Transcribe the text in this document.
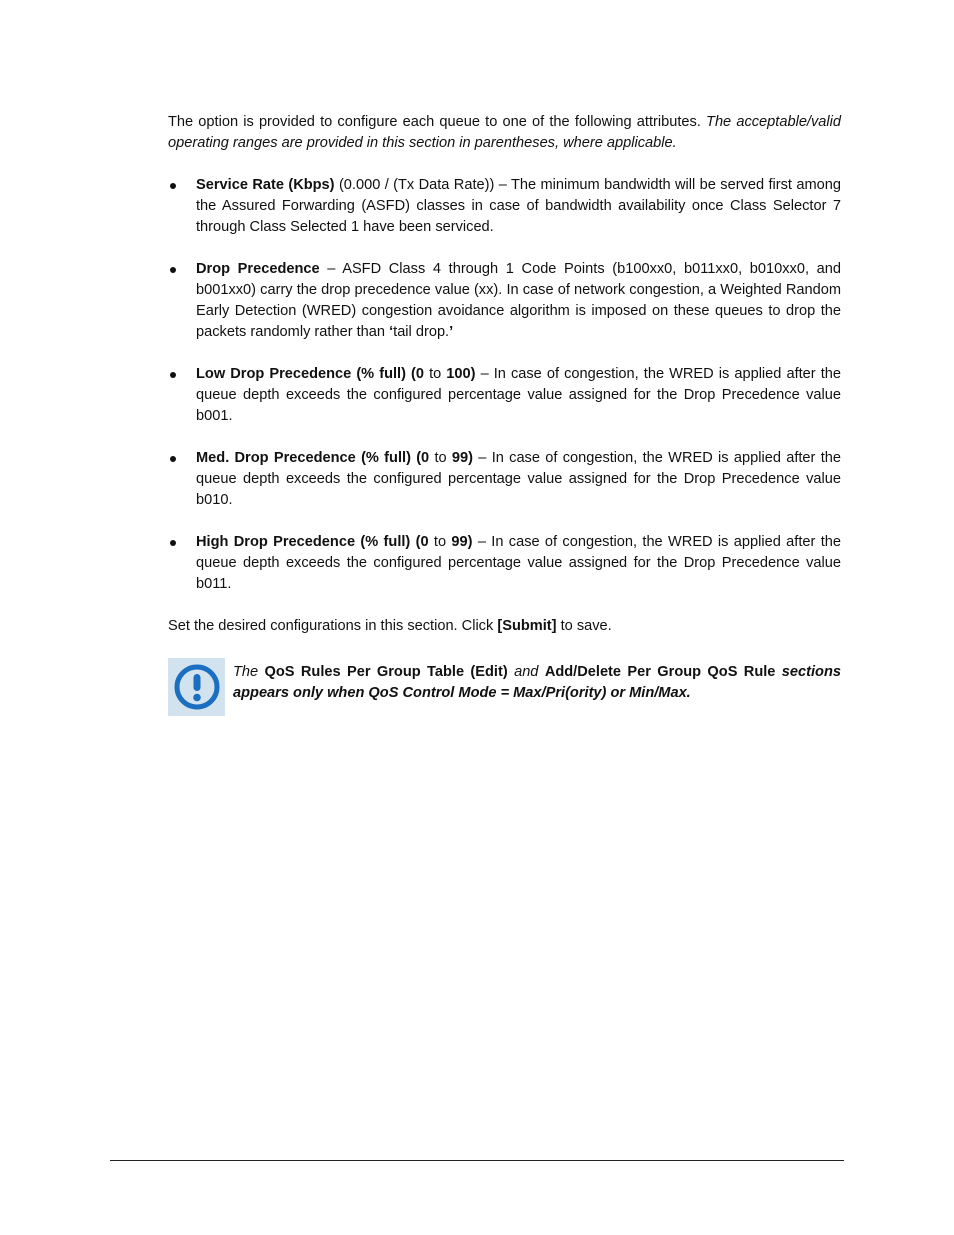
The option is provided to configure each queue to one of the following attributes. The acceptable/valid operating ranges are provided in this section in parentheses, where applicable.

Service Rate (Kbps) (0.000 / (Tx Data Rate)) – The minimum bandwidth will be served first among the Assured Forwarding (ASFD) classes in case of bandwidth availability once Class Selector 7 through Class Selected 1 have been serviced.
Drop Precedence – ASFD Class 4 through 1 Code Points (b100xx0, b011xx0, b010xx0, and b001xx0) carry the drop precedence value (xx). In case of network congestion, a Weighted Random Early Detection (WRED) congestion avoidance algorithm is imposed on these queues to drop the packets randomly rather than ‘tail drop.’
Low Drop Precedence (% full) (0 to 100) – In case of congestion, the WRED is applied after the queue depth exceeds the configured percentage value assigned for the Drop Precedence value b001.
Med. Drop Precedence (% full) (0 to 99) – In case of congestion, the WRED is applied after the queue depth exceeds the configured percentage value assigned for the Drop Precedence value b010.
High Drop Precedence (% full) (0 to 99) – In case of congestion, the WRED is applied after the queue depth exceeds the configured percentage value assigned for the Drop Precedence value b011.

Set the desired configurations in this section. Click [Submit] to save.

The QoS Rules Per Group Table (Edit) and Add/Delete Per Group QoS Rule sections appears only when QoS Control Mode = Max/Pri(ority) or Min/Max.
